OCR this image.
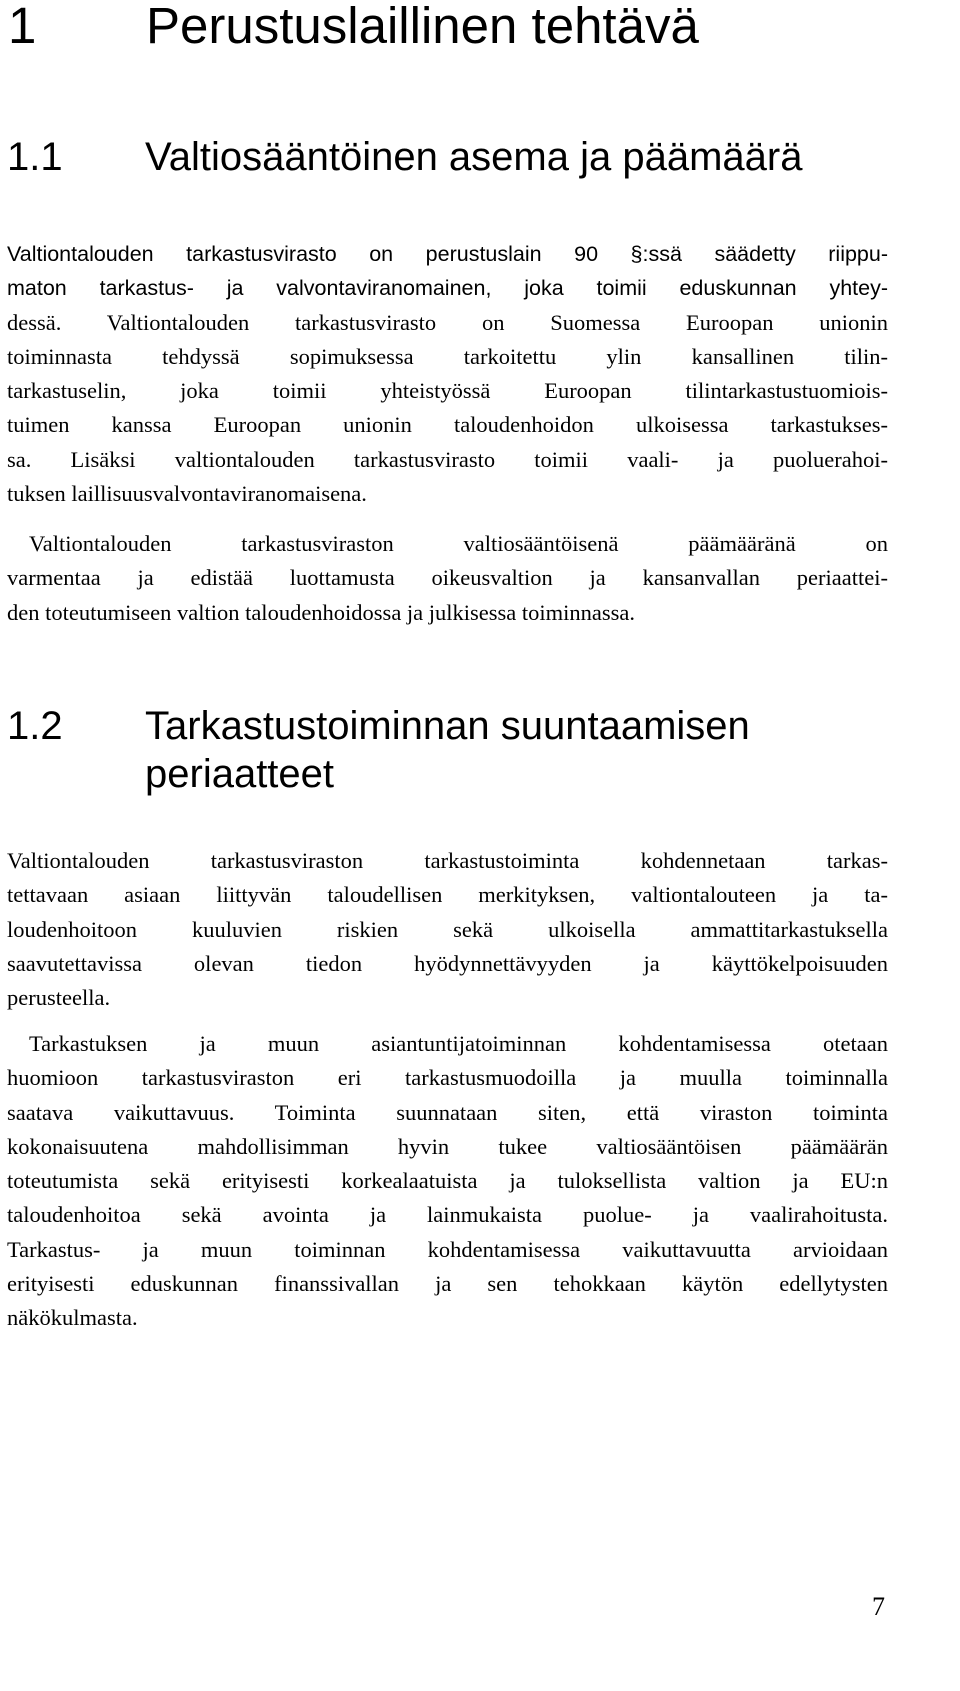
1 Perustuslaillinen tehtävä
1.1 Valtiosääntöinen asema ja päämäärä
Valtiontalouden tarkastusvirasto on perustuslain 90 §:ssä säädetty riippu-
maton tarkastus- ja valvontaviranomainen, joka toimii eduskunnan yhtey-
dessä. Valtiontalouden tarkastusvirasto on Suomessa Euroopan unionin
toiminnasta tehdyssä sopimuksessa tarkoitettu ylin kansallinen tilin-
tarkastuselin, joka toimii yhteistyössä Euroopan tilintarkastustuomiois-
tuimen kanssa Euroopan unionin taloudenhoidon ulkoisessa tarkastukses-
sa. Lisäksi valtiontalouden tarkastusvirasto toimii vaali- ja puoluerahoi-
tuksen laillisuusvalvontaviranomaisena.
Valtiontalouden tarkastusviraston valtiosääntöisenä päämääränä on
varmentaa ja edistää luottamusta oikeusvaltion ja kansanvallan periaattei-
den toteutumiseen valtion taloudenhoidossa ja julkisessa toiminnassa.
1.2 Tarkastustoiminnan suuntaamisen
periaatteet
Valtiontalouden tarkastusviraston tarkastustoiminta kohdennetaan tarkas-
tettavaan asiaan liittyvän taloudellisen merkityksen, valtiontalouteen ja ta-
loudenhoitoon kuuluvien riskien sekä ulkoisella ammattitarkastuksella
saavutettavissa olevan tiedon hyödynnettävyyden ja käyttökelpoisuuden
perusteella.
Tarkastuksen ja muun asiantuntijatoiminnan kohdentamisessa otetaan
huomioon tarkastusviraston eri tarkastusmuodoilla ja muulla toiminnalla
saatava vaikuttavuus. Toiminta suunnataan siten, että viraston toiminta
kokonaisuutena mahdollisimman hyvin tukee valtiosääntöisen päämäärän
toteutumista sekä erityisesti korkealaatuista ja tuloksellista valtion ja EU:n
taloudenhoitoa sekä avointa ja lainmukaista puolue- ja vaalirahoitusta.
Tarkastus- ja muun toiminnan kohdentamisessa vaikuttavuutta arvioidaan
erityisesti eduskunnan finanssivallan ja sen tehokkaan käytön edellytysten
näkökulmasta.
7
